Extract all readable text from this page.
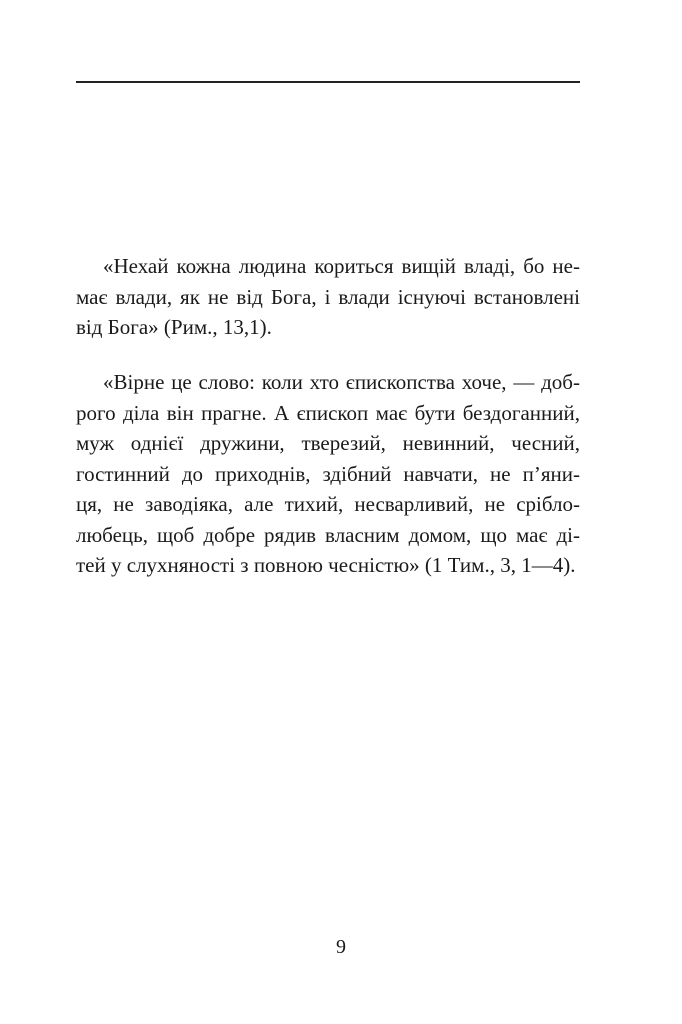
«Нехай кожна людина кориться вищій владі, бо не-
має влади, як не від Бога, і влади існуючі встановлені
від Бога» (Рим., 13,1).
«Вірне це слово: коли хто єпископства хоче, — доб-
рого діла він прагне. А єпископ має бути бездоганний,
муж однієї дружини, тверезий, невинний, чесний,
гостинний до приходнів, здібний навчати, не п’яни-
ця, не заводіяка, але тихий, несварливий, не срібло-
любець, щоб добре рядив власним домом, що має ді-
тей у слухняності з повною чесністю» (1 Тим., 3, 1—4).
9
